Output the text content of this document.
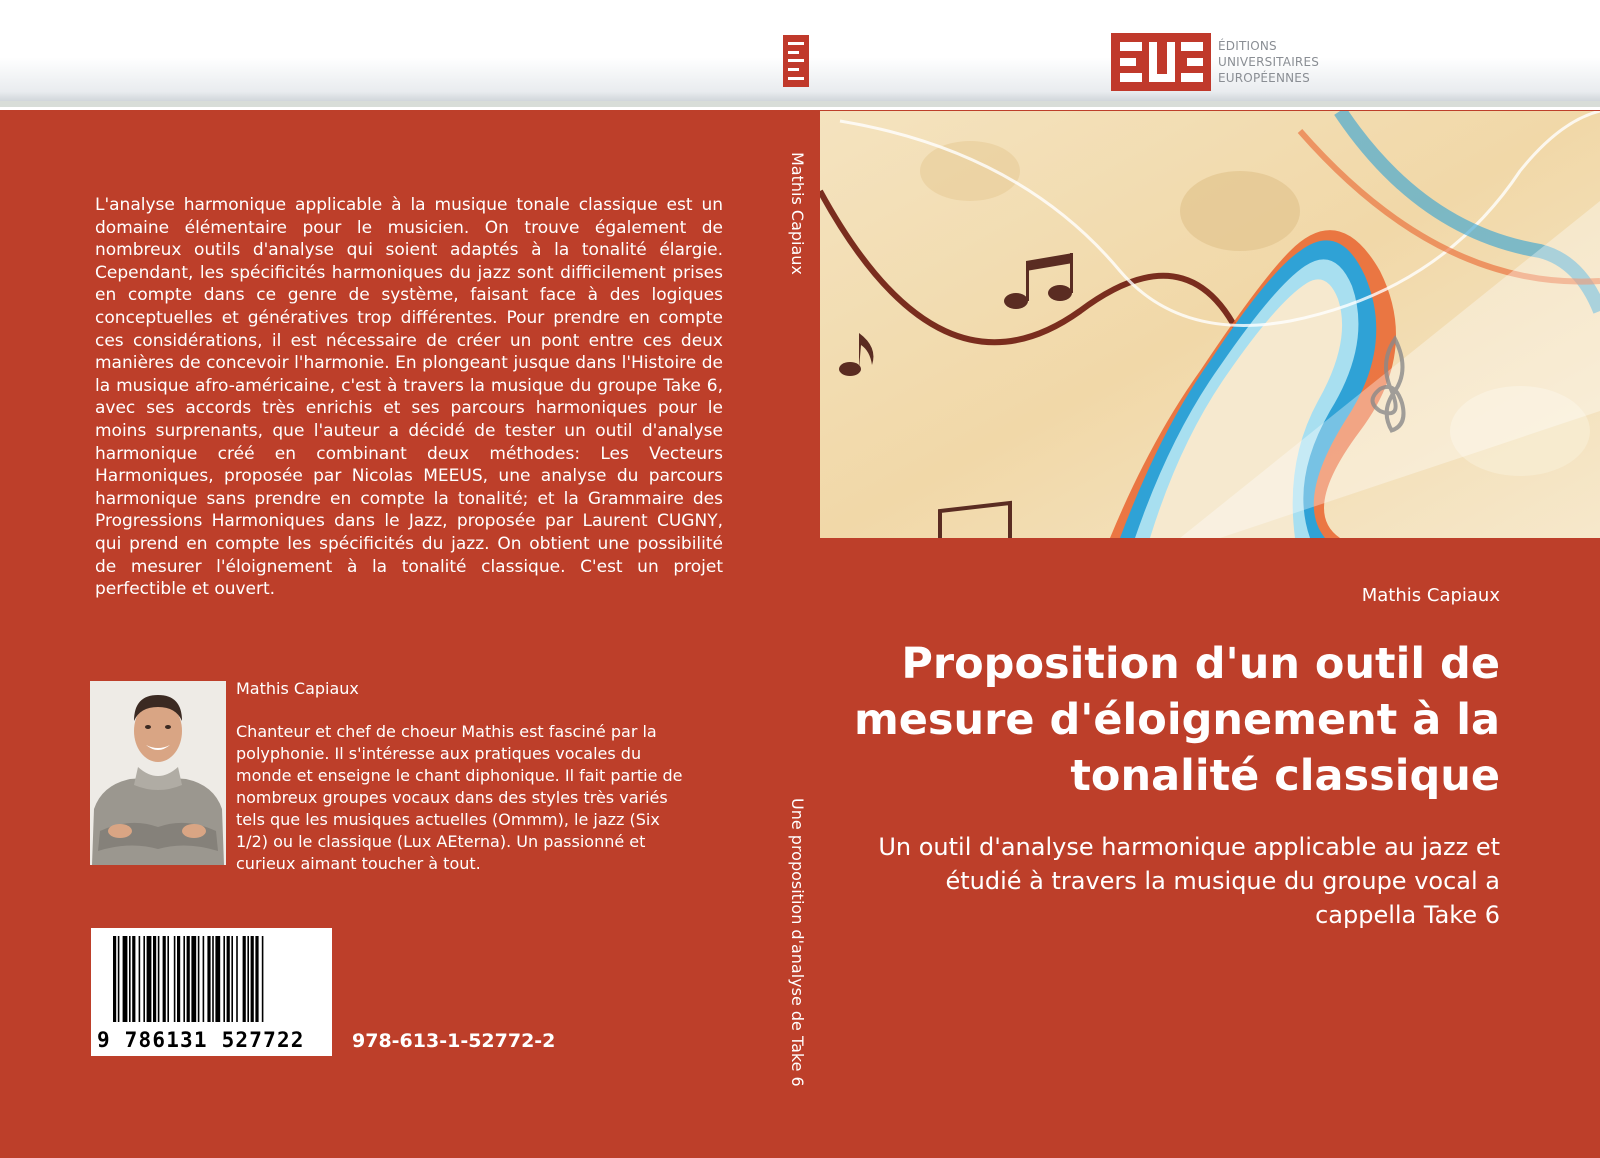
ÉDITIONS
UNIVERSITAIRES
EUROPÉENNES

L'analyse harmonique applicable à la musique tonale classique est un domaine élémentaire pour le musicien. On trouve également de nombreux outils d'analyse qui soient adaptés à la tonalité élargie. Cependant, les spécificités harmoniques du jazz sont difficilement prises en compte dans ce genre de système, faisant face à des logiques conceptuelles et génératives trop différentes. Pour prendre en compte ces considérations, il est nécessaire de créer un pont entre ces deux manières de concevoir l'harmonie. En plongeant jusque dans l'Histoire de la musique afro-américaine, c'est à travers la musique du groupe Take 6, avec ses accords très enrichis et ses parcours harmoniques pour le moins surprenants, que l'auteur a décidé de tester un outil d'analyse harmonique créé en combinant deux méthodes: Les Vecteurs Harmoniques, proposée par Nicolas MEEUS, une analyse du parcours harmonique sans prendre en compte la tonalité; et la Grammaire des Progressions Harmoniques dans le Jazz, proposée par Laurent CUGNY, qui prend en compte les spécificités du jazz. On obtient une possibilité de mesurer l'éloignement à la tonalité classique. C'est un projet perfectible et ouvert.

Mathis Capiaux

Chanteur et chef de choeur Mathis est fasciné par la polyphonie. Il s'intéresse aux pratiques vocales du monde et enseigne le chant diphonique. Il fait partie de nombreux groupes vocaux dans des styles très variés tels que les musiques actuelles (Ommm), le jazz (Six 1/2) ou le classique (Lux AEterna). Un passionné et curieux aimant toucher à tout.

9 786131 527722	978-613-1-52772-2
Mathis Capiaux
Une proposition d'analyse de Take 6
Mathis Capiaux
Proposition d'un outil de mesure d'éloignement à la tonalité classique

Un outil d'analyse harmonique applicable au jazz et étudié à travers la musique du groupe vocal a cappella Take 6
